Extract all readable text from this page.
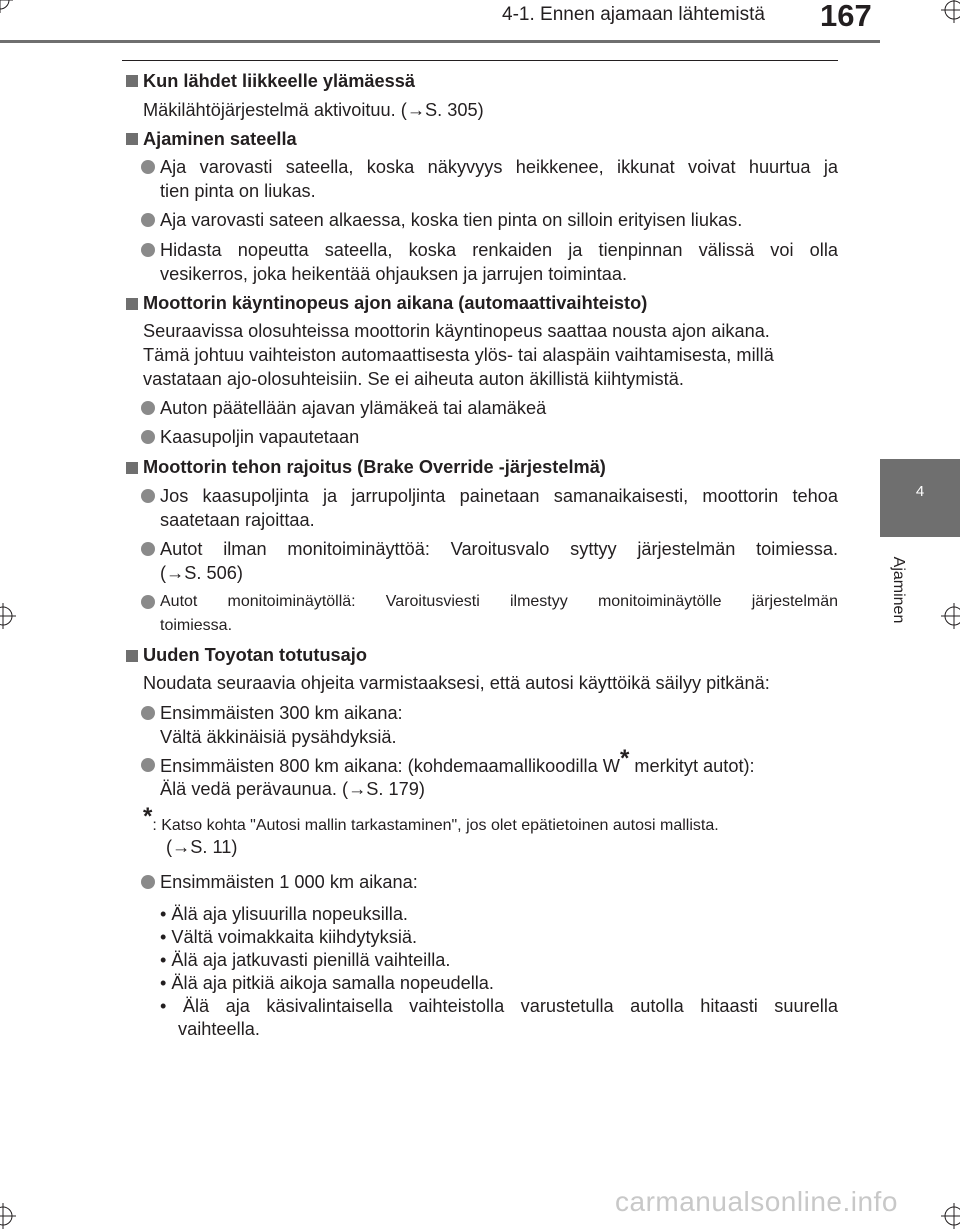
4-1. Ennen ajamaan lähtemistä 167
4
Ajaminen
Kun lähdet liikkeelle ylämäessä
Mäkilähtöjärjestelmä aktivoituu. (→S. 305)
Ajaminen sateella
Aja varovasti sateella, koska näkyvyys heikkenee, ikkunat voivat huurtua ja
tien pinta on liukas.
Aja varovasti sateen alkaessa, koska tien pinta on silloin erityisen liukas.
Hidasta nopeutta sateella, koska renkaiden ja tienpinnan välissä voi olla
vesikerros, joka heikentää ohjauksen ja jarrujen toimintaa.
Moottorin käyntinopeus ajon aikana (automaattivaihteisto)
Seuraavissa olosuhteissa moottorin käyntinopeus saattaa nousta ajon aikana.
Tämä johtuu vaihteiston automaattisesta ylös- tai alaspäin vaihtamisesta, millä
vastataan ajo-olosuhteisiin. Se ei aiheuta auton äkillistä kiihtymistä.
Auton päätellään ajavan ylämäkeä tai alamäkeä
Kaasupoljin vapautetaan
Moottorin tehon rajoitus (Brake Override -järjestelmä)
Jos kaasupoljinta ja jarrupoljinta painetaan samanaikaisesti, moottorin tehoa
saatetaan rajoittaa.
Autot ilman monitoiminäyttöä: Varoitusvalo syttyy järjestelmän toimiessa.
(→S. 506)
Autot monitoiminäytöllä: Varoitusviesti ilmestyy monitoiminäytölle järjestelmän
toimiessa.
Uuden Toyotan totutusajo
Noudata seuraavia ohjeita varmistaaksesi, että autosi käyttöikä säilyy pitkänä:
Ensimmäisten 300 km aikana:
Vältä äkkinäisiä pysähdyksiä.
Ensimmäisten 800 km aikana: (kohdemaamallikoodilla W* merkityt autot):
Älä vedä perävaunua. (→S. 179)
*: Katso kohta "Autosi mallin tarkastaminen", jos olet epätietoinen autosi mallista.
(→S. 11)
Ensimmäisten 1 000 km aikana:
• Älä aja ylisuurilla nopeuksilla.
• Vältä voimakkaita kiihdytyksiä.
• Älä aja jatkuvasti pienillä vaihteilla.
• Älä aja pitkiä aikoja samalla nopeudella.
• Älä aja käsivalintaisella vaihteistolla varustetulla autolla hitaasti suurella
vaihteella.
carmanualsonline.info
